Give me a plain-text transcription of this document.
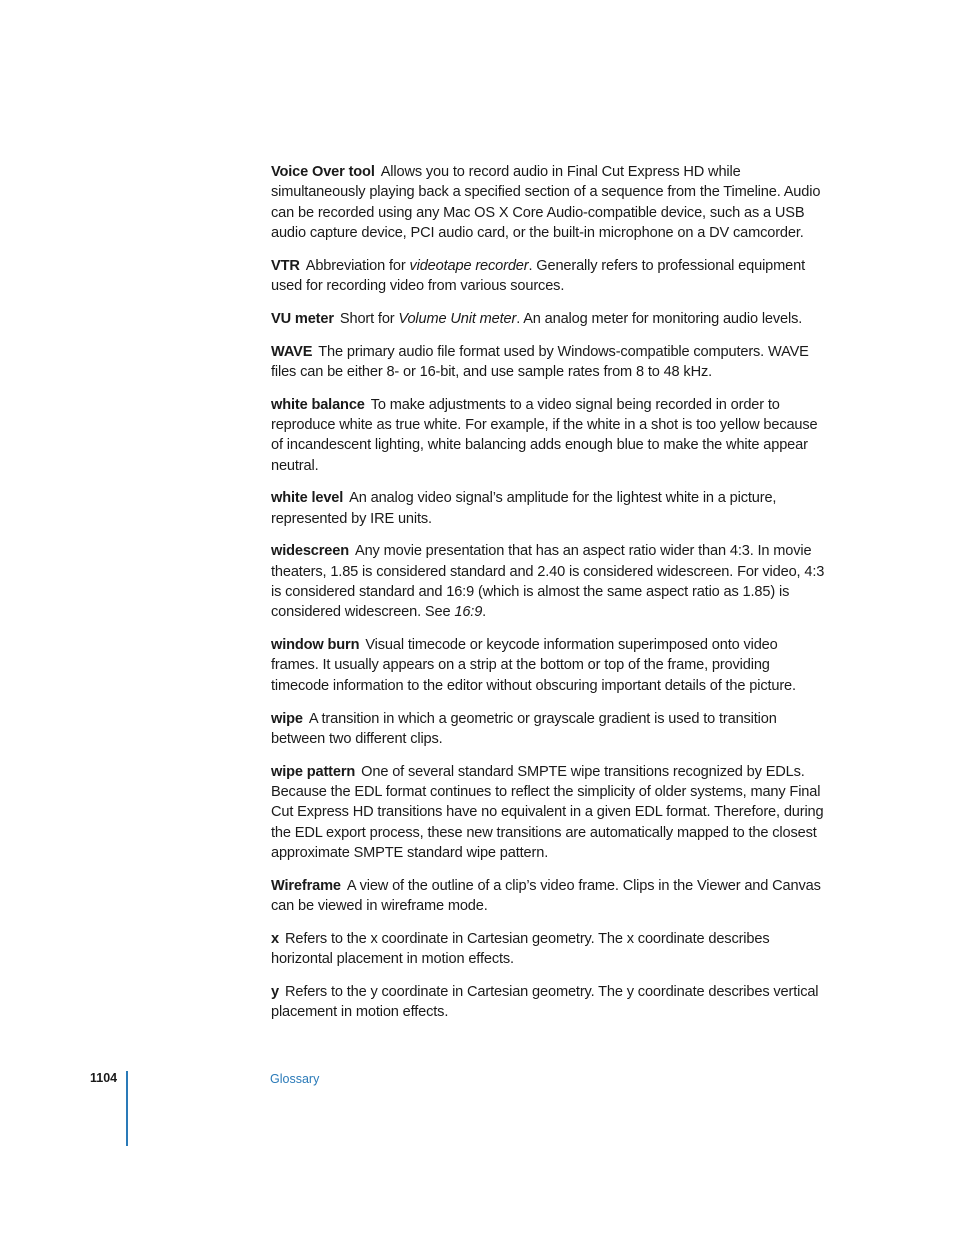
Voice Over tool Allows you to record audio in Final Cut Express HD while simultaneously playing back a specified section of a sequence from the Timeline. Audio can be recorded using any Mac OS X Core Audio-compatible device, such as a USB audio capture device, PCI audio card, or the built-in microphone on a DV camcorder.

VTR Abbreviation for videotape recorder. Generally refers to professional equipment used for recording video from various sources.

VU meter Short for Volume Unit meter. An analog meter for monitoring audio levels.

WAVE The primary audio file format used by Windows-compatible computers. WAVE files can be either 8- or 16-bit, and use sample rates from 8 to 48 kHz.

white balance To make adjustments to a video signal being recorded in order to reproduce white as true white. For example, if the white in a shot is too yellow because of incandescent lighting, white balancing adds enough blue to make the white appear neutral.

white level An analog video signal’s amplitude for the lightest white in a picture, represented by IRE units.

widescreen Any movie presentation that has an aspect ratio wider than 4:3. In movie theaters, 1.85 is considered standard and 2.40 is considered widescreen. For video, 4:3 is considered standard and 16:9 (which is almost the same aspect ratio as 1.85) is considered widescreen. See 16:9.

window burn Visual timecode or keycode information superimposed onto video frames. It usually appears on a strip at the bottom or top of the frame, providing timecode information to the editor without obscuring important details of the picture.

wipe A transition in which a geometric or grayscale gradient is used to transition between two different clips.

wipe pattern One of several standard SMPTE wipe transitions recognized by EDLs. Because the EDL format continues to reflect the simplicity of older systems, many Final Cut Express HD transitions have no equivalent in a given EDL format. Therefore, during the EDL export process, these new transitions are automatically mapped to the closest approximate SMPTE standard wipe pattern.

Wireframe A view of the outline of a clip’s video frame. Clips in the Viewer and Canvas can be viewed in wireframe mode.

x Refers to the x coordinate in Cartesian geometry. The x coordinate describes horizontal placement in motion effects.

y Refers to the y coordinate in Cartesian geometry. The y coordinate describes vertical placement in motion effects.

1104	Glossary
